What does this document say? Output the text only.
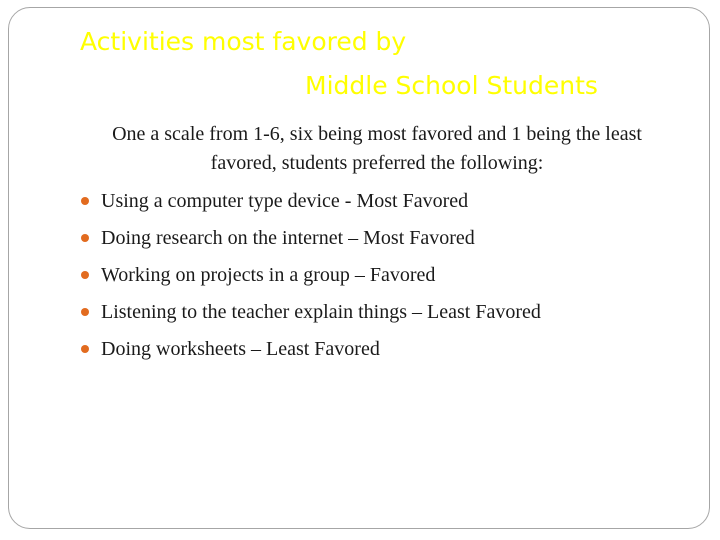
Activities most favored by
Middle School Students

One a scale from 1-6, six being most favored and 1 being the least favored, students preferred the following:

Using a computer type device - Most Favored
Doing research on the internet – Most Favored
Working on projects in a group – Favored
Listening to the teacher explain things – Least Favored
Doing worksheets – Least Favored
